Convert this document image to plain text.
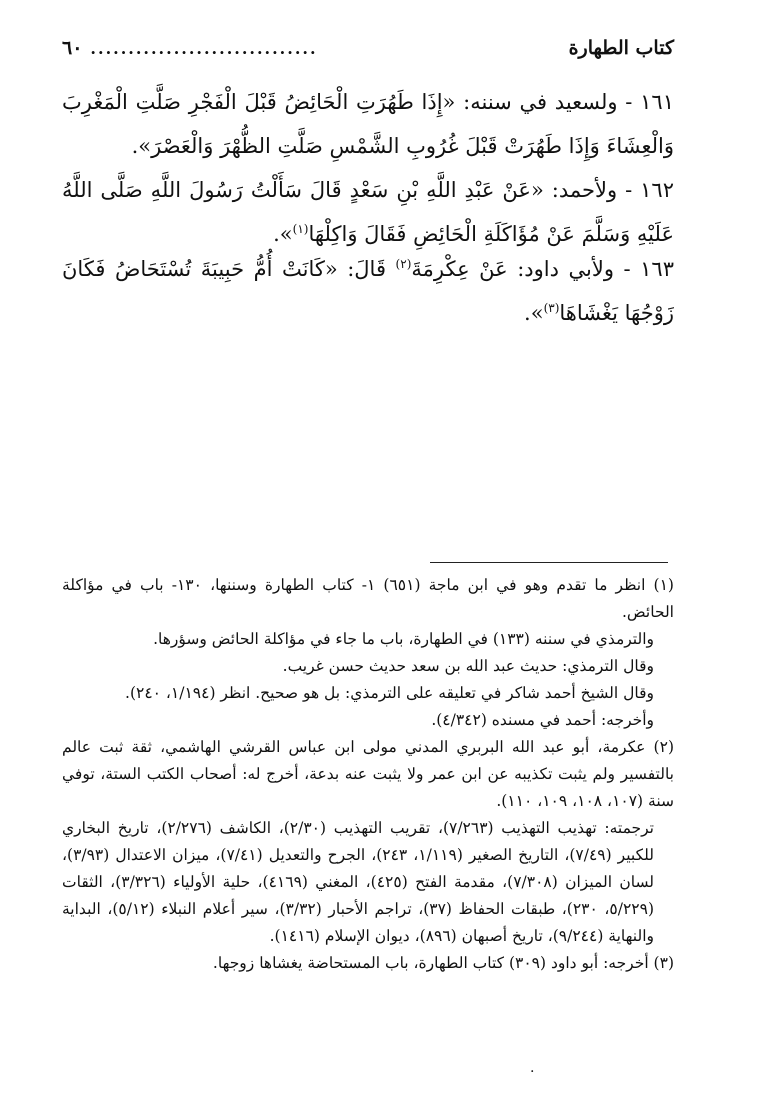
كتاب الطهارة
..............................
٦٠
١٦١ - ولسعيد في سننه: «إِذَا طَهُرَتِ الْحَائِضُ قَبْلَ الْفَجْرِ صَلَّتِ الْمَغْرِبَ وَالْعِشَاءَ وَإِذَا طَهُرَتْ قَبْلَ غُرُوبِ الشَّمْسِ صَلَّتِ الظُّهْرَ وَالْعَصْرَ».
١٦٢ - ولأحمد: «عَنْ عَبْدِ اللَّهِ بْنِ سَعْدٍ قَالَ سَأَلْتُ رَسُولَ اللَّهِ صَلَّى اللَّهُ عَلَيْهِ وَسَلَّمَ عَنْ مُؤَاكَلَةِ الْحَائِضِ فَقَالَ وَاكِلْهَا$^{(١)}$».
١٦٣ - ولأبي داود: عَنْ عِكْرِمَةَ$^{(٢)}$ قَالَ: «كَانَتْ أُمُّ حَبِيبَةَ تُسْتَحَاضُ فَكَانَ زَوْجُهَا يَغْشَاهَا$^{(٣)}$».

(١) انظر ما تقدم وهو في ابن ماجة (٦٥١) ١- كتاب الطهارة وسننها، ١٣٠- باب في مؤاكلة الحائض.

والترمذي في سننه (١٣٣) في الطهارة، باب ما جاء في مؤاكلة الحائض وسؤرها.

وقال الترمذي: حديث عبد الله بن سعد حديث حسن غريب.

وقال الشيخ أحمد شاكر في تعليقه على الترمذي: بل هو صحيح. انظر (١/١٩٤، ٢٤٠).

وأخرجه: أحمد في مسنده (٤/٣٤٢).

(٢) عكرمة، أبو عبد الله البربري المدني مولى ابن عباس القرشي الهاشمي، ثقة ثبت عالم بالتفسير ولم يثبت تكذيبه عن ابن عمر ولا يثبت عنه بدعة، أخرج له: أصحاب الكتب الستة، توفي سنة (١٠٧، ١٠٨، ١٠٩، ١١٠).

ترجمته: تهذيب التهذيب (٧/٢٦٣)، تقريب التهذيب (٢/٣٠)، الكاشف (٢/٢٧٦)، تاريخ البخاري للكبير (٧/٤٩)، التاريخ الصغير (١/١١٩، ٢٤٣)، الجرح والتعديل (٧/٤١)، ميزان الاعتدال (٣/٩٣)، لسان الميزان (٧/٣٠٨)، مقدمة الفتح (٤٢٥)، المغني (٤١٦٩)، حلية الأولياء (٣/٣٢٦)، الثقات (٥/٢٢٩، ٢٣٠)، طبقات الحفاظ (٣٧)، تراجم الأحبار (٣/٣٢)، سير أعلام النبلاء (٥/١٢)، البداية والنهاية (٩/٢٤٤)، تاريخ أصبهان (٨٩٦)، ديوان الإسلام (١٤١٦).

(٣) أخرجه: أبو داود (٣٠٩) كتاب الطهارة، باب المستحاضة يغشاها زوجها.

.
